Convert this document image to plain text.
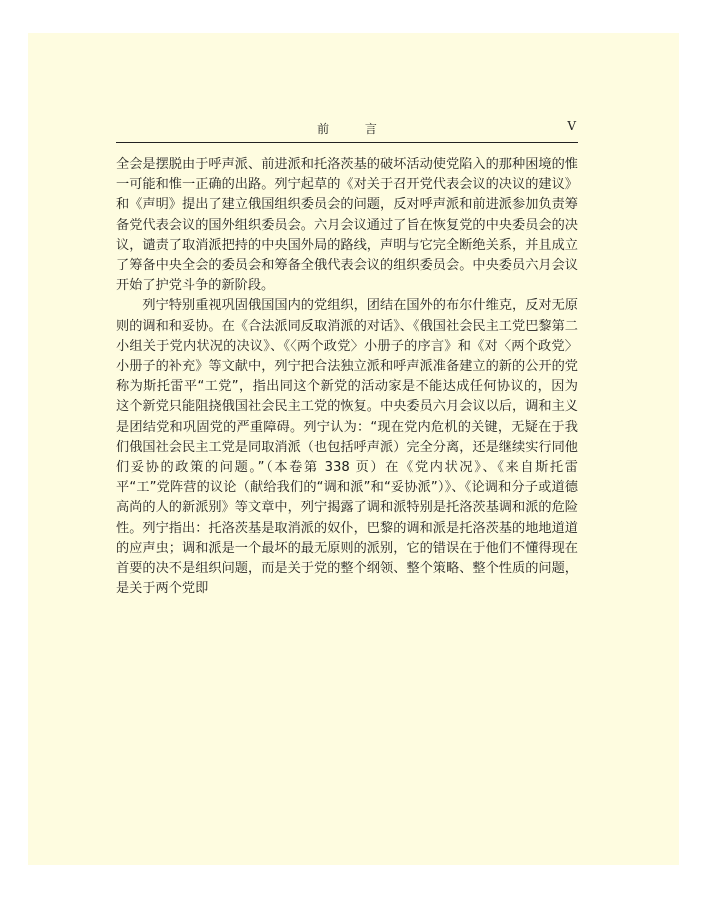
前 言	V

全会是摆脱由于呼声派、前进派和托洛茨基的破坏活动使党陷入的那种困境的惟一可能和惟一正确的出路。列宁起草的《对关于召开党代表会议的决议的建议》和《声明》提出了建立俄国组织委员会的问题，反对呼声派和前进派参加负责筹备党代表会议的国外组织委员会。六月会议通过了旨在恢复党的中央委员会的决议，谴责了取消派把持的中央国外局的路线，声明与它完全断绝关系，并且成立了筹备中央全会的委员会和筹备全俄代表会议的组织委员会。中央委员六月会议开始了护党斗争的新阶段。

列宁特别重视巩固俄国国内的党组织，团结在国外的布尔什维克，反对无原则的调和和妥协。在《合法派同反取消派的对话》、《俄国社会民主工党巴黎第二小组关于党内状况的决议》、《〈两个政党〉小册子的序言》和《对〈两个政党〉小册子的补充》等文献中，列宁把合法独立派和呼声派准备建立的新的公开的党称为斯托雷平“工党”，指出同这个新党的活动家是不能达成任何协议的，因为这个新党只能阻挠俄国社会民主工党的恢复。中央委员六月会议以后，调和主义是团结党和巩固党的严重障碍。列宁认为：“现在党内危机的关键，无疑在于我们俄国社会民主工党是同取消派（也包括呼声派）完全分离，还是继续实行同他们妥协的政策的问题。”（本卷第 338 页）在《党内状况》、《来自斯托雷平“工”党阵营的议论（献给我们的“调和派”和“妥协派”）》、《论调和分子或道德高尚的人的新派别》等文章中，列宁揭露了调和派特别是托洛茨基调和派的危险性。列宁指出：托洛茨基是取消派的奴仆，巴黎的调和派是托洛茨基的地地道道的应声虫；调和派是一个最坏的最无原则的派别，它的错误在于他们不懂得现在首要的决不是组织问题，而是关于党的整个纲领、整个策略、整个性质的问题，是关于两个党即
